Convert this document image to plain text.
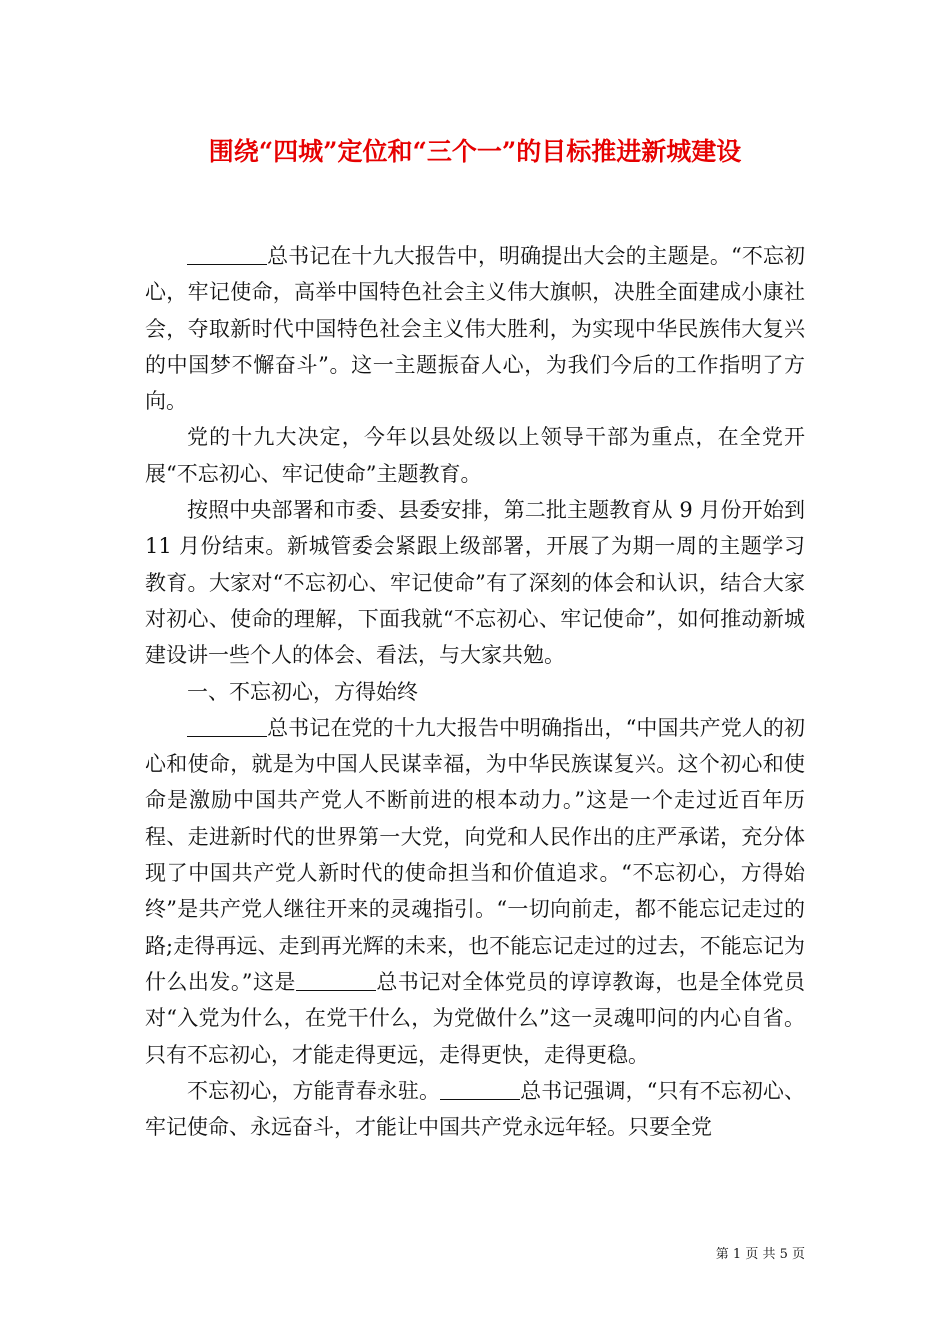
围绕“四城”定位和“三个一”的目标推进新城建设

总书记在十九大报告中，明确提出大会的主题是。“不忘初心，牢记使命，高举中国特色社会主义伟大旗帜，决胜全面建成小康社会，夺取新时代中国特色社会主义伟大胜利，为实现中华民族伟大复兴的中国梦不懈奋斗”。这一主题振奋人心，为我们今后的工作指明了方向。

党的十九大决定，今年以县处级以上领导干部为重点，在全党开展“不忘初心、牢记使命”主题教育。

按照中央部署和市委、县委安排，第二批主题教育从 9 月份开始到 11 月份结束。新城管委会紧跟上级部署，开展了为期一周的主题学习教育。大家对“不忘初心、牢记使命”有了深刻的体会和认识，结合大家对初心、使命的理解，下面我就“不忘初心、牢记使命”，如何推动新城建设讲一些个人的体会、看法，与大家共勉。

一、不忘初心，方得始终

总书记在党的十九大报告中明确指出，“中国共产党人的初心和使命，就是为中国人民谋幸福，为中华民族谋复兴。这个初心和使命是激励中国共产党人不断前进的根本动力。”这是一个走过近百年历程、走进新时代的世界第一大党，向党和人民作出的庄严承诺，充分体现了中国共产党人新时代的使命担当和价值追求。“不忘初心，方得始终”是共产党人继往开来的灵魂指引。“一切向前走，都不能忘记走过的路;走得再远、走到再光辉的未来，也不能忘记走过的过去，不能忘记为什么出发。”这是	总书记对全体党员的谆谆教诲，也是全体党员对“入党为什么，在党干什么，为党做什么”这一灵魂叩问的内心自省。只有不忘初心，才能走得更远，走得更快，走得更稳。

不忘初心，方能青春永驻。	总书记强调，“只有不忘初心、牢记使命、永远奋斗，才能让中国共产党永远年轻。只要全党

第 1 页 共 5 页
